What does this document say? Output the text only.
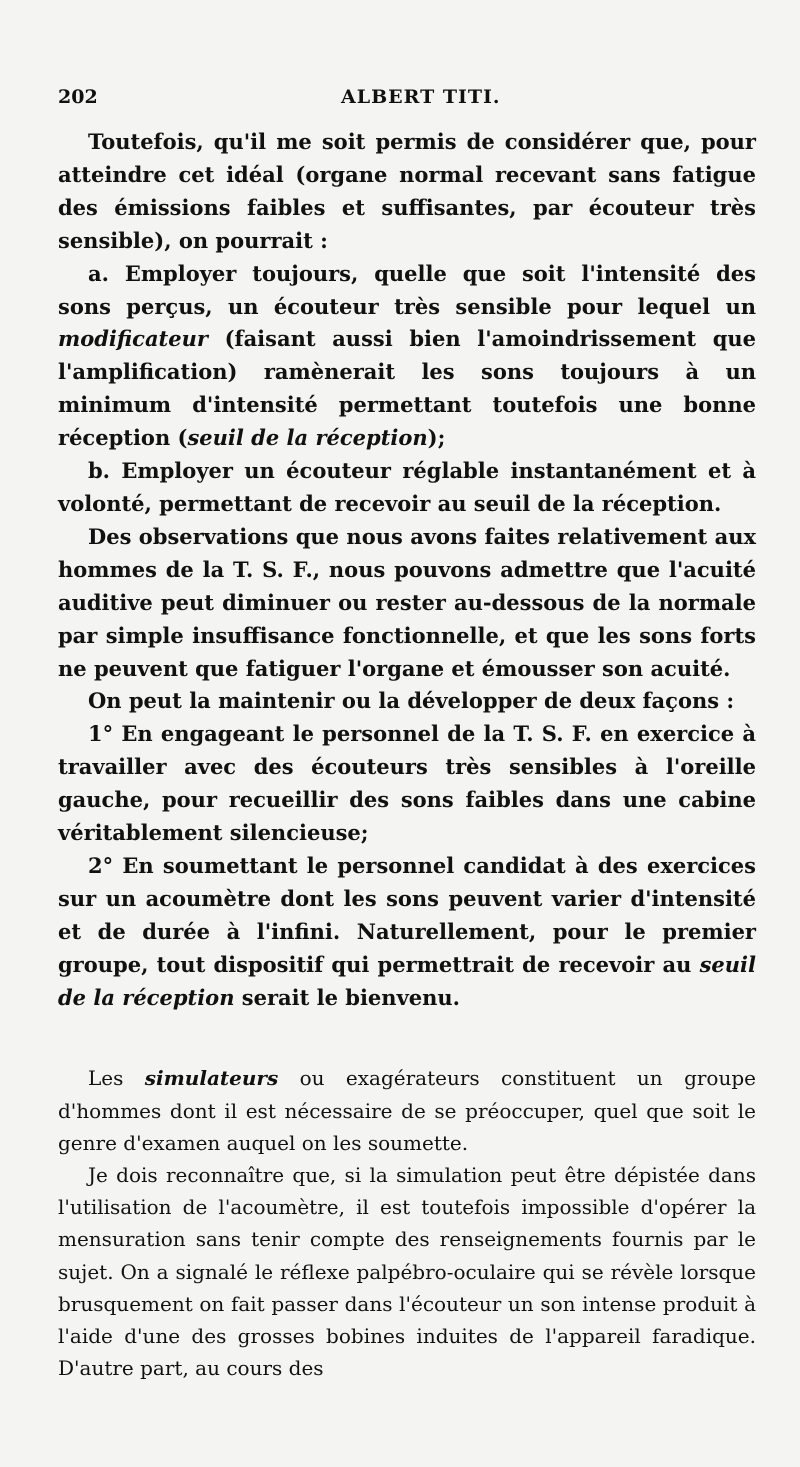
202	ALBERT TITI.

Toutefois, qu'il me soit permis de considérer que, pour atteindre cet idéal (organe normal recevant sans fatigue des émissions faibles et suffisantes, par écouteur très sensible), on pourrait :

a. Employer toujours, quelle que soit l'intensité des sons perçus, un écouteur très sensible pour lequel un modificateur (faisant aussi bien l'amoindrissement que l'amplification) ramènerait les sons toujours à un minimum d'intensité permettant toutefois une bonne réception (seuil de la réception);

b. Employer un écouteur réglable instantanément et à volonté, permettant de recevoir au seuil de la réception.

Des observations que nous avons faites relativement aux hommes de la T. S. F., nous pouvons admettre que l'acuité auditive peut diminuer ou rester au-dessous de la normale par simple insuffisance fonctionnelle, et que les sons forts ne peuvent que fatiguer l'organe et émousser son acuité.

On peut la maintenir ou la développer de deux façons :

1° En engageant le personnel de la T. S. F. en exercice à travailler avec des écouteurs très sensibles à l'oreille gauche, pour recueillir des sons faibles dans une cabine véritablement silencieuse;

2° En soumettant le personnel candidat à des exercices sur un acoumètre dont les sons peuvent varier d'intensité et de durée à l'infini. Naturellement, pour le premier groupe, tout dispositif qui permettrait de recevoir au seuil de la réception serait le bienvenu.

Les simulateurs ou exagérateurs constituent un groupe d'hommes dont il est nécessaire de se préoccuper, quel que soit le genre d'examen auquel on les soumette.

Je dois reconnaître que, si la simulation peut être dépistée dans l'utilisation de l'acoumètre, il est toutefois impossible d'opérer la mensuration sans tenir compte des renseignements fournis par le sujet. On a signalé le réflexe palpébro-oculaire qui se révèle lorsque brusquement on fait passer dans l'écouteur un son intense produit à l'aide d'une des grosses bobines induites de l'appareil faradique. D'autre part, au cours des
